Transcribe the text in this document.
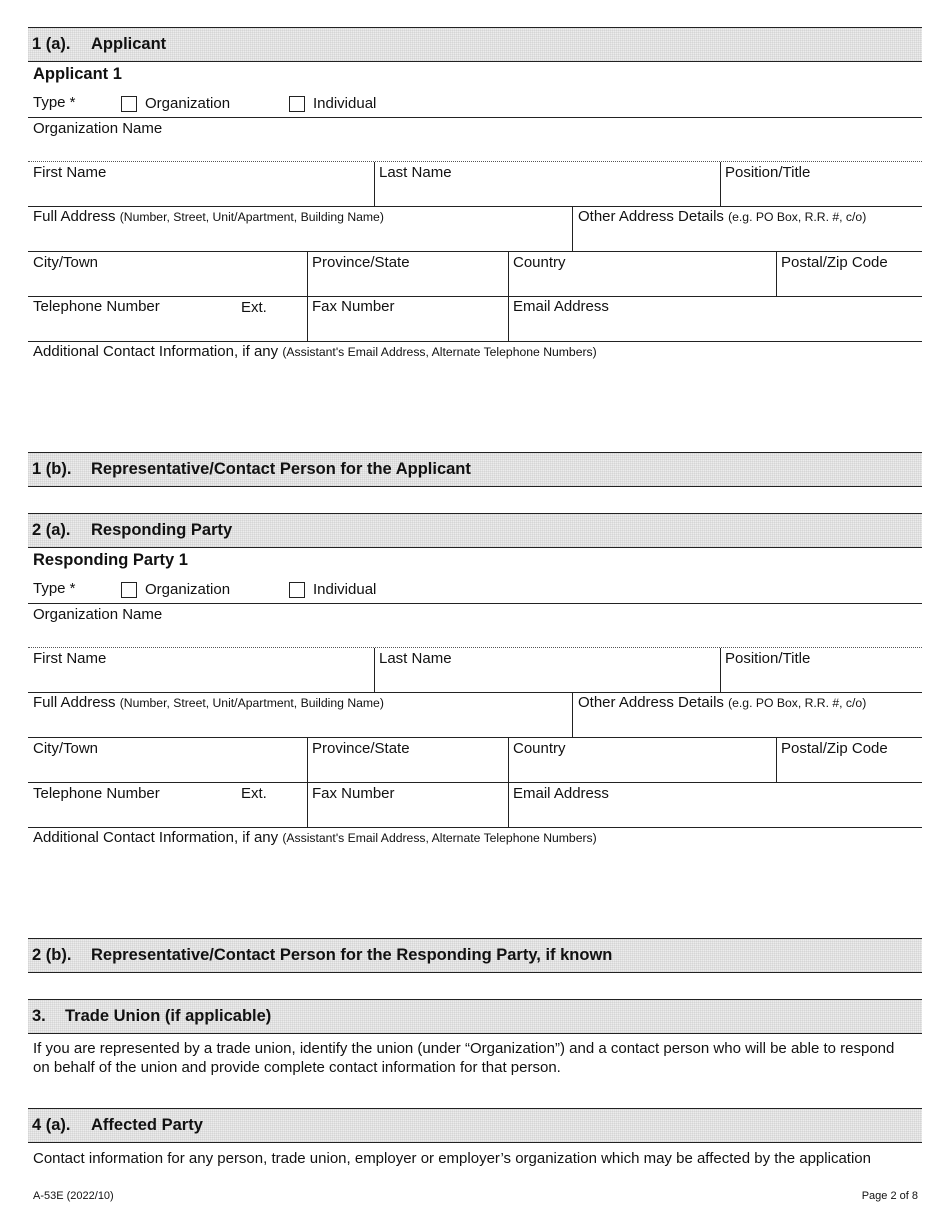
1 (a). Applicant
Applicant 1
Type *	Organization	Individual
Organization Name
First Name	Last Name	Position/Title
Full Address (Number, Street, Unit/Apartment, Building Name)	Other Address Details (e.g. PO Box, R.R. #, c/o)
City/Town	Province/State	Country	Postal/Zip Code
Telephone Number	Ext.	Fax Number	Email Address
Additional Contact Information, if any (Assistant's Email Address, Alternate Telephone Numbers)
1 (b). Representative/Contact Person for the Applicant
2 (a). Responding Party
Responding Party 1
Type *	Organization	Individual
Organization Name
First Name	Last Name	Position/Title
Full Address (Number, Street, Unit/Apartment, Building Name)	Other Address Details (e.g. PO Box, R.R. #, c/o)
City/Town	Province/State	Country	Postal/Zip Code
Telephone Number	Ext.	Fax Number	Email Address
Additional Contact Information, if any (Assistant's Email Address, Alternate Telephone Numbers)
2 (b). Representative/Contact Person for the Responding Party, if known
3. Trade Union (if applicable)
If you are represented by a trade union, identify the union (under “Organization”) and a contact person who will be able to respond on behalf of the union and provide complete contact information for that person.
4 (a). Affected Party
Contact information for any person, trade union, employer or employer’s organization which may be affected by the application
A-53E (2022/10)	Page 2 of 8
